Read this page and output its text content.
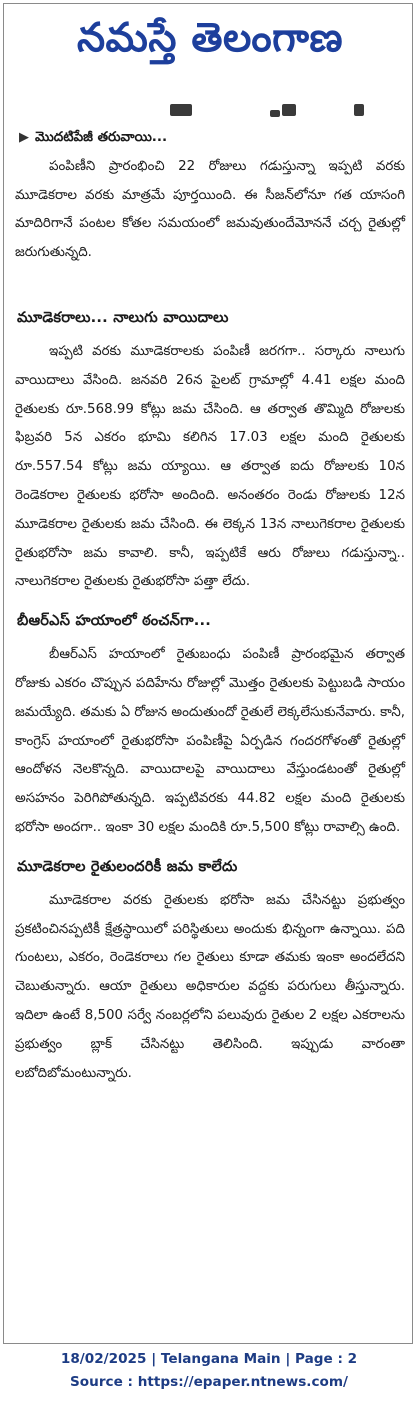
నమస్తే తెలంగాణ
▶ మొదటిపేజీ తరువాయి...

పంపిణీని ప్రారంభించి 22 రోజులు గడుస్తున్నా ఇప్పటి వరకు మూడెకరాల వరకు మాత్రమే పూర్తయింది. ఈ సీజన్‌లోనూ గత యాసంగి మాదిరిగానే పంటల కోతల సమయంలో జమవుతుందేమోననే చర్చ రైతుల్లో జరుగుతున్నది.

మూడెకరాలు... నాలుగు వాయిదాలు

ఇప్పటి వరకు మూడెకరాలకు పంపిణీ జరగగా.. సర్కారు నాలుగు వాయిదాలు వేసింది. జనవరి 26న పైలట్ గ్రామాల్లో 4.41 లక్షల మంది రైతులకు రూ.568.99 కోట్లు జమ చేసింది. ఆ తర్వాత తొమ్మిది రోజులకు ఫిబ్రవరి 5న ఎకరం భూమి కలిగిన 17.03 లక్షల మంది రైతులకు రూ.557.54 కోట్లు జమ య్యాయి. ఆ తర్వాత ఐదు రోజులకు 10న రెండెకరాల రైతులకు భరోసా అందింది. అనంతరం రెండు రోజులకు 12న మూడెకరాల రైతులకు జమ చేసింది. ఈ లెక్కన 13న నాలుగెకరాల రైతులకు రైతుభరోసా జమ కావాలి. కానీ, ఇప్పటికే ఆరు రోజులు గడుస్తున్నా.. నాలుగెకరాల రైతులకు రైతుభరోసా పత్తా లేదు.

బీఆర్‌ఎస్ హయాంలో ఠంచన్‌గా...

బీఆర్‌ఎస్ హయాంలో రైతుబంధు పంపిణీ ప్రారంభమైన తర్వాత రోజుకు ఎకరం చొప్పున పదిహేను రోజుల్లో మొత్తం రైతులకు పెట్టుబడి సాయం జమయ్యేది. తమకు ఏ రోజున అందుతుందో రైతులే లెక్కలేసుకునేవారు. కానీ, కాంగ్రెస్ హయాంలో రైతుభరోసా పంపిణీపై ఏర్పడిన గందరగోళంతో రైతుల్లో ఆందోళన నెలకొన్నది. వాయిదాలపై వాయిదాలు వేస్తుండటంతో రైతుల్లో అసహనం పెరిగిపోతున్నది. ఇప్పటివరకు 44.82 లక్షల మంది రైతులకు భరోసా అందగా.. ఇంకా 30 లక్షల మందికి రూ.5,500 కోట్లు రావాల్సి ఉంది.

మూడెకరాల రైతులందరికీ జమ కాలేదు

మూడెకరాల వరకు రైతులకు భరోసా జమ చేసినట్టు ప్రభుత్వం ప్రకటించినప్పటికీ క్షేత్రస్థాయిలో పరిస్థితులు అందుకు భిన్నంగా ఉన్నాయి. పది గుంటలు, ఎకరం, రెండెకరాలు గల రైతులు కూడా తమకు ఇంకా అందలేదని చెబుతున్నారు. ఆయా రైతులు అధికారుల వద్దకు పరుగులు తీస్తున్నారు. ఇదిలా ఉంటే 8,500 సర్వే నంబర్లలోని పలువురు రైతుల 2 లక్షల ఎకరాలను ప్రభుత్వం బ్లాక్ చేసినట్టు తెలిసింది. ఇప్పుడు వారంతా లబోదిబోమంటున్నారు.

18/02/2025 | Telangana Main | Page : 2
Source : https://epaper.ntnews.com/
